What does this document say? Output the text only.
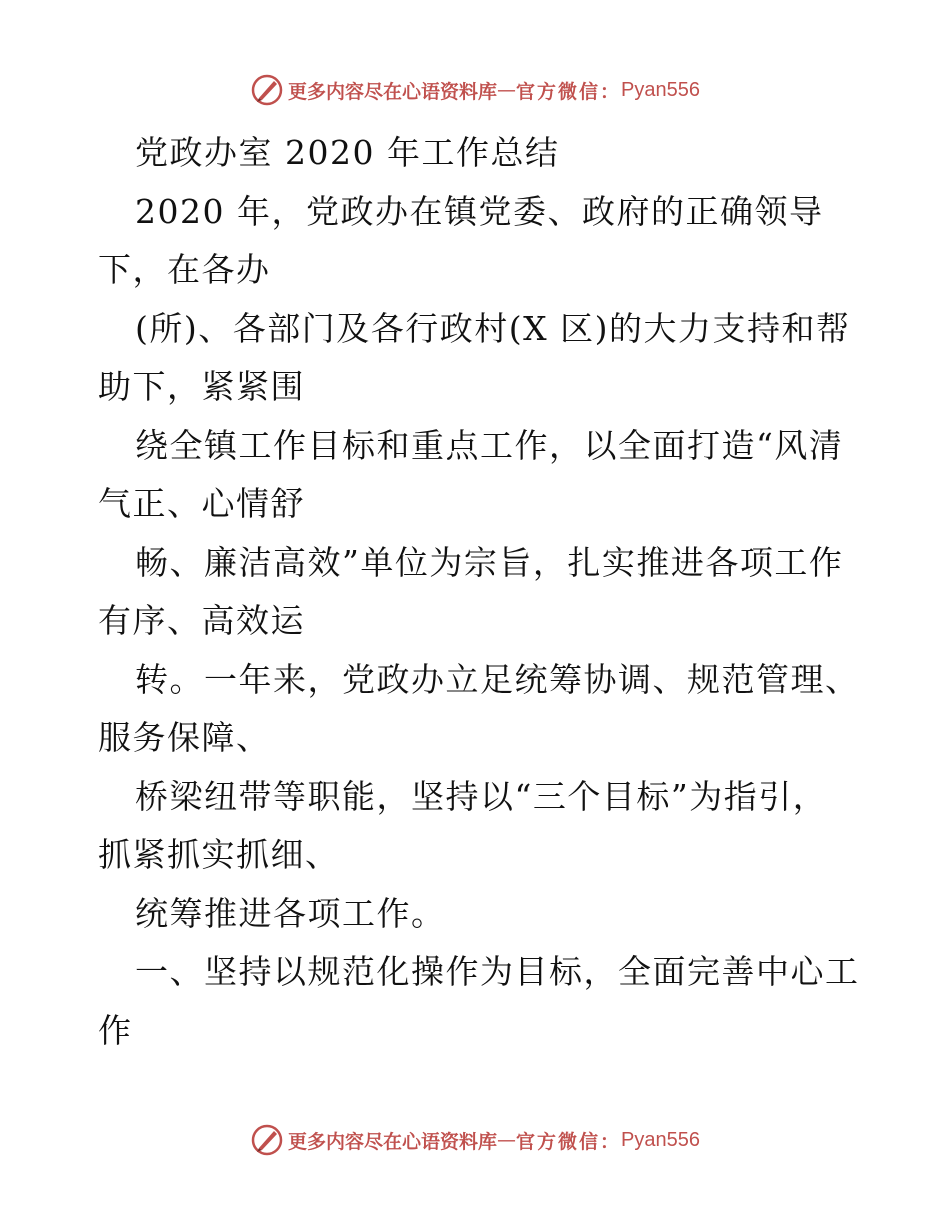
更多内容尽在心语资料库 — 官方微信： Pyan556
党政办室 2020 年工作总结
2020 年，党政办在镇党委、政府的正确领导
下，在各办
(所)、各部门及各行政村(X 区)的大力支持和帮
助下，紧紧围
绕全镇工作目标和重点工作，以全面打造“风清
气正、心情舒
畅、廉洁高效”单位为宗旨，扎实推进各项工作
有序、高效运
转。一年来，党政办立足统筹协调、规范管理、
服务保障、
桥梁纽带等职能，坚持以“三个目标”为指引，
抓紧抓实抓细、
统筹推进各项工作。
一、坚持以规范化操作为目标，全面完善中心工
作
更多内容尽在心语资料库 — 官方微信： Pyan556
